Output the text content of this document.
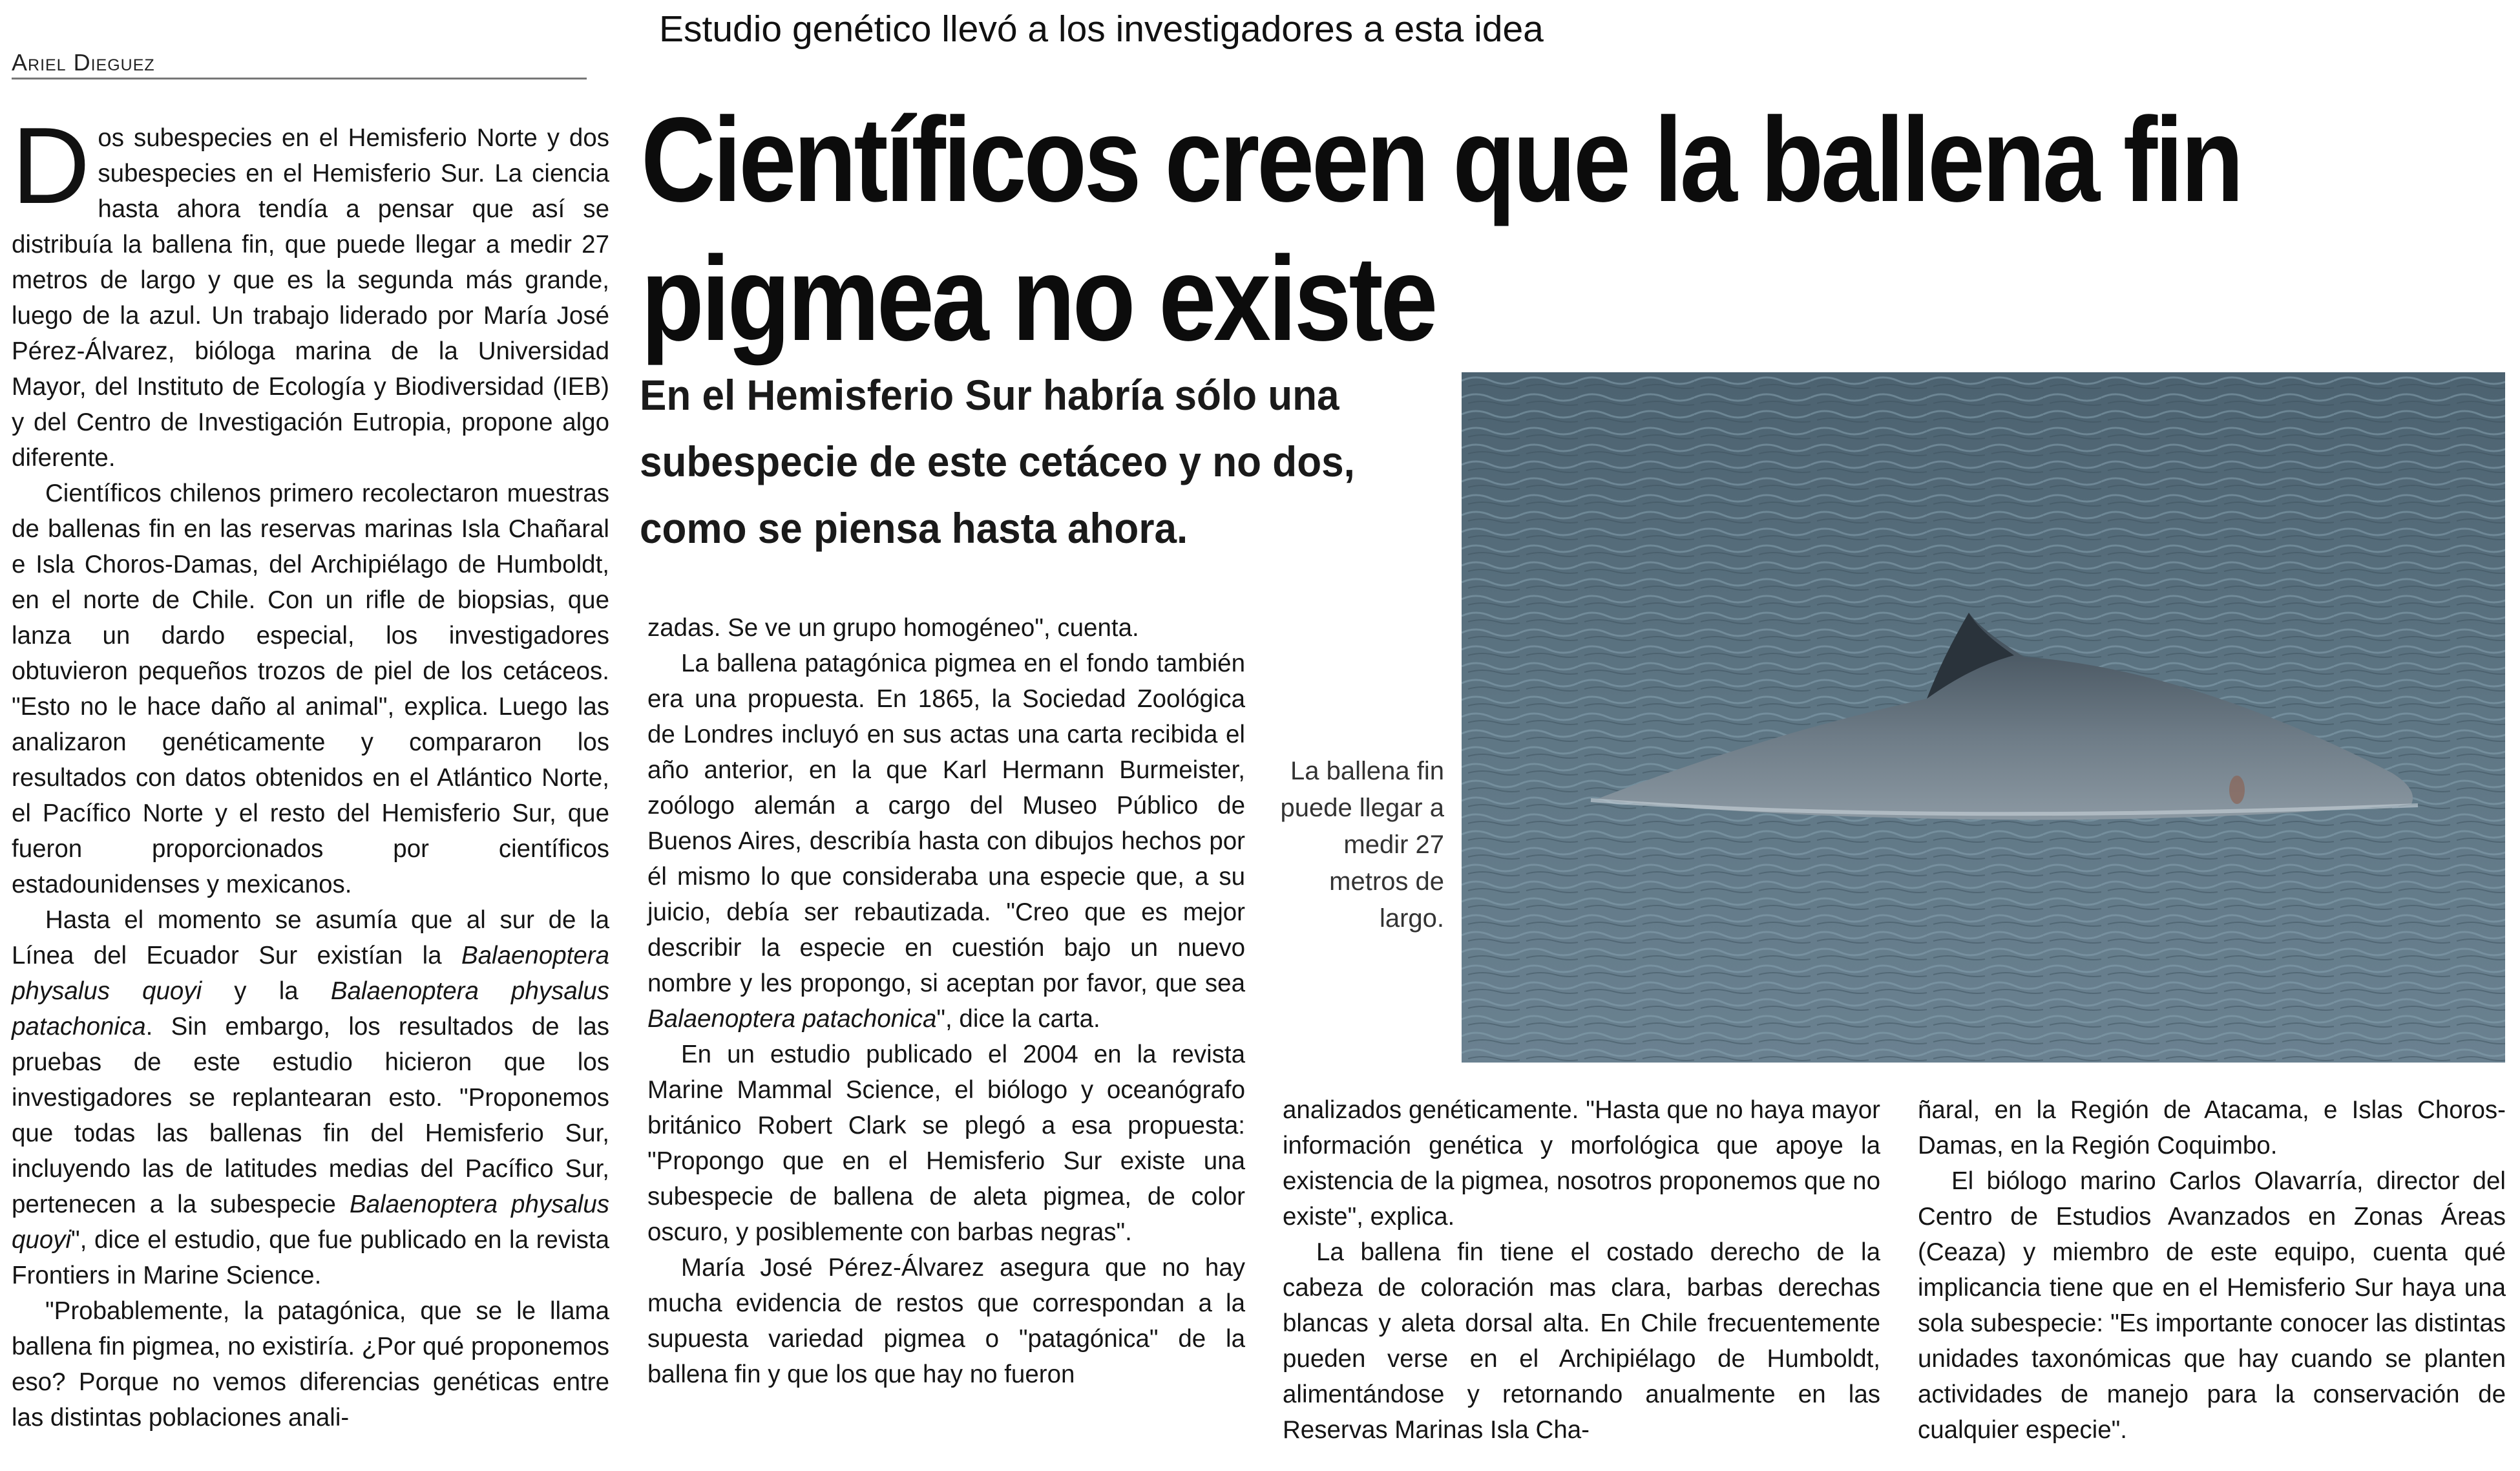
Estudio genético llevó a los investigadores a esta idea
Ariel Dieguez
Científicos creen que la ballena fin pigmea no existe
En el Hemisferio Sur habría sólo una subespecie de este cetáceo y no dos, como se piensa hasta ahora.

Dos subespecies en el Hemisferio Norte y dos subespecies en el Hemisferio Sur. La ciencia hasta ahora tendía a pensar que así se distribuía la ballena fin, que puede llegar a medir 27 metros de largo y que es la segunda más grande, luego de la azul. Un trabajo liderado por María José Pérez-Álvarez, bióloga marina de la Universidad Mayor, del Instituto de Ecología y Biodiversidad (IEB) y del Centro de Investigación Eutropia, propone algo diferente.

Científicos chilenos primero recolectaron muestras de ballenas fin en las reservas marinas Isla Chañaral e Isla Choros-Damas, del Archipiélago de Humboldt, en el norte de Chile. Con un rifle de biopsias, que lanza un dardo especial, los investigadores obtuvieron pequeños trozos de piel de los cetáceos. "Esto no le hace daño al animal", explica. Luego las analizaron genéticamente y compararon los resultados con datos obtenidos en el Atlántico Norte, el Pacífico Norte y el resto del Hemisferio Sur, que fueron proporcionados por científicos estadounidenses y mexicanos.

Hasta el momento se asumía que al sur de la Línea del Ecuador Sur existían la Balaenoptera physalus quoyi y la Balaenoptera physalus patachonica. Sin embargo, los resultados de las pruebas de este estudio hicieron que los investigadores se replantearan esto. "Proponemos que todas las ballenas fin del Hemisferio Sur, incluyendo las de latitudes medias del Pacífico Sur, pertenecen a la subespecie Balaenoptera physalus quoyi", dice el estudio, que fue publicado en la revista Frontiers in Marine Science.

"Probablemente, la patagónica, que se le llama ballena fin pigmea, no existiría. ¿Por qué proponemos eso? Porque no vemos diferencias genéticas entre las distintas poblaciones anali-

zadas. Se ve un grupo homogéneo", cuenta.

La ballena patagónica pigmea en el fondo también era una propuesta. En 1865, la Sociedad Zoológica de Londres incluyó en sus actas una carta recibida el año anterior, en la que Karl Hermann Burmeister, zoólogo alemán a cargo del Museo Público de Buenos Aires, describía hasta con dibujos hechos por él mismo lo que consideraba una especie que, a su juicio, debía ser rebautizada. "Creo que es mejor describir la especie en cuestión bajo un nuevo nombre y les propongo, si aceptan por favor, que sea Balaenoptera patachonica", dice la carta.

En un estudio publicado el 2004 en la revista Marine Mammal Science, el biólogo y oceanógrafo británico Robert Clark se plegó a esa propuesta: "Propongo que en el Hemisferio Sur existe una subespecie de ballena de aleta pigmea, de color oscuro, y posiblemente con barbas negras".

María José Pérez-Álvarez asegura que no hay mucha evidencia de restos que correspondan a la supuesta variedad pigmea o "patagónica" de la ballena fin y que los que hay no fueron

La ballena fin puede llegar a medir 27 metros de largo.

analizados genéticamente. "Hasta que no haya mayor información genética y morfológica que apoye la existencia de la pigmea, nosotros proponemos que no existe", explica.

La ballena fin tiene el costado derecho de la cabeza de coloración mas clara, barbas derechas blancas y aleta dorsal alta. En Chile frecuentemente pueden verse en el Archipiélago de Humboldt, alimentándose y retornando anualmente en las Reservas Marinas Isla Cha-

ñaral, en la Región de Atacama, e Islas Choros-Damas, en la Región Coquimbo.

El biólogo marino Carlos Olavarría, director del Centro de Estudios Avanzados en Zonas Áreas (Ceaza) y miembro de este equipo, cuenta qué implicancia tiene que en el Hemisferio Sur haya una sola subespecie: "Es importante conocer las distintas unidades taxonómicas que hay cuando se planten actividades de manejo para la conservación de cualquier especie".
